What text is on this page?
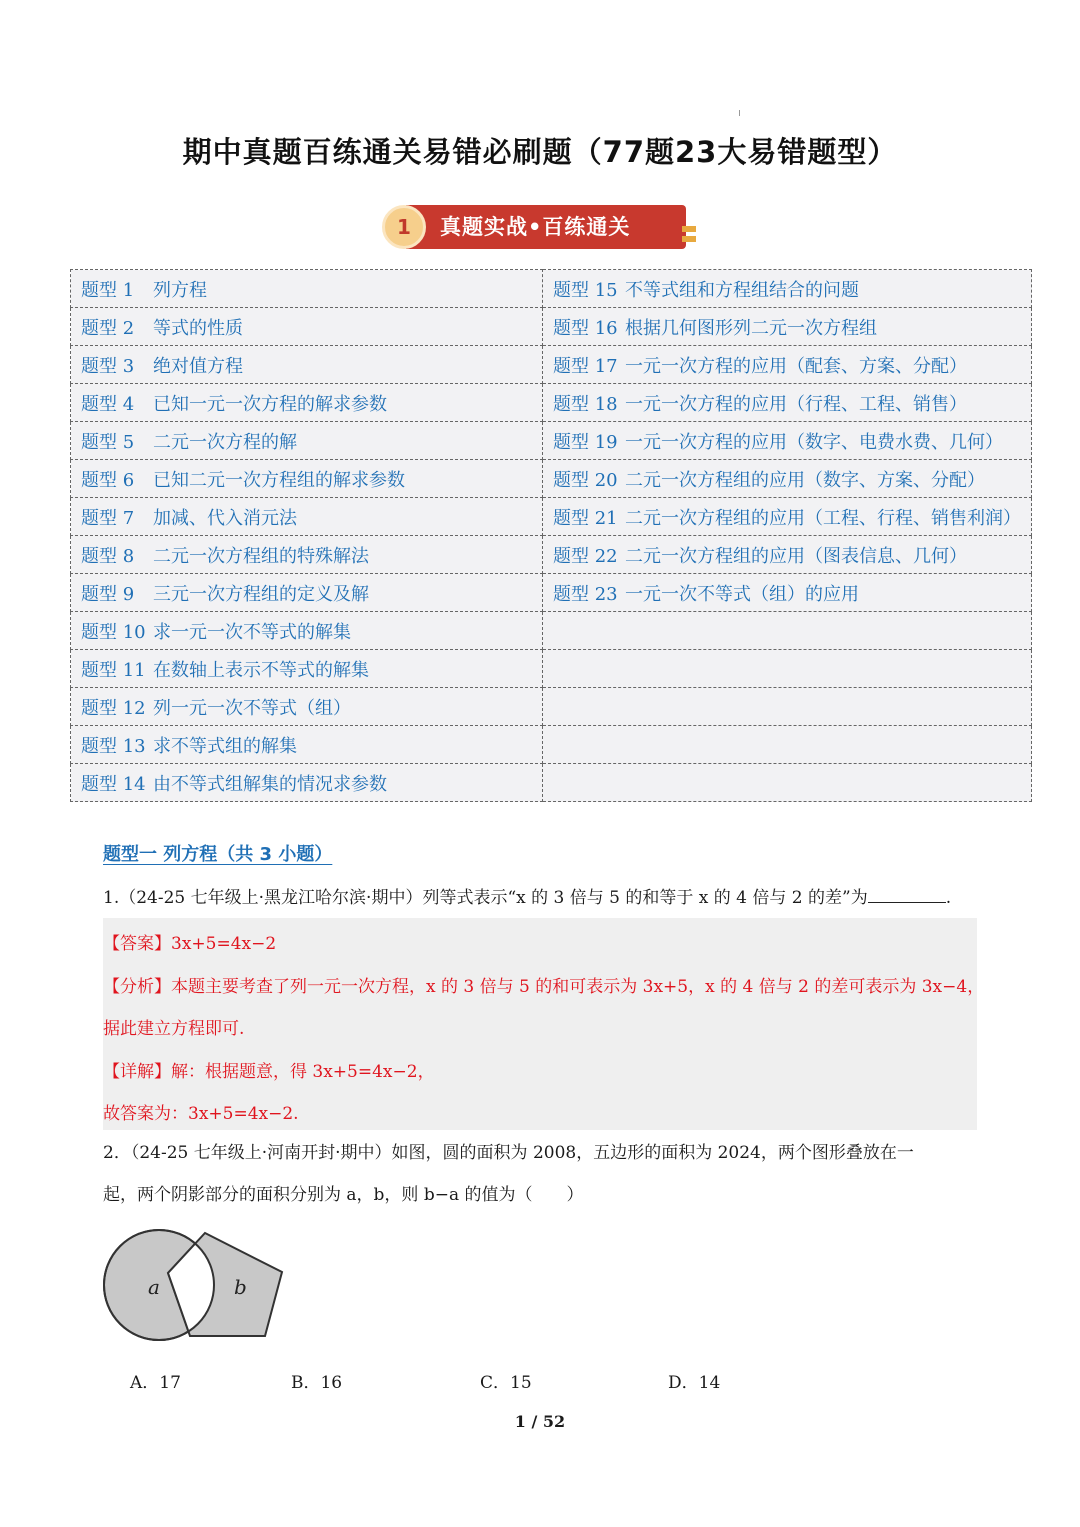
期中真题百练通关易错必刷题（77题23大易错题型）
1	真题实战•百练通关
题型 1 列方程	题型 15 不等式组和方程组结合的问题
题型 2 等式的性质	题型 16 根据几何图形列二元一次方程组
题型 3 绝对值方程	题型 17 一元一次方程的应用（配套、方案、分配）
题型 4 已知一元一次方程的解求参数	题型 18 一元一次方程的应用（行程、工程、销售）
题型 5 二元一次方程的解	题型 19 一元一次方程的应用（数字、电费水费、几何）
题型 6 已知二元一次方程组的解求参数	题型 20 二元一次方程组的应用（数字、方案、分配）
题型 7 加减、代入消元法	题型 21 二元一次方程组的应用（工程、行程、销售利润）
题型 8 二元一次方程组的特殊解法	题型 22 二元一次方程组的应用（图表信息、几何）
题型 9 三元一次方程组的定义及解	题型 23 一元一次不等式（组）的应用
题型 10 求一元一次不等式的解集	
题型 11 在数轴上表示不等式的解集	
题型 12 列一元一次不等式（组）	
题型 13 求不等式组的解集	
题型 14 由不等式组解集的情况求参数	
题型一 列方程（共 3 小题）
1.（24-25 七年级上·黑龙江哈尔滨·期中）列等式表示“x 的 3 倍与 5 的和等于 x 的 4 倍与 2 的差”为	.
【答案】3x+5=4x−2
【分析】本题主要考查了列一元一次方程，x 的 3 倍与 5 的和可表示为 3x+5，x 的 4 倍与 2 的差可表示为 3x−4，
据此建立方程即可.
【详解】解：根据题意，得 3x+5=4x−2，
故答案为：3x+5=4x−2.
2．（24-25 七年级上·河南开封·期中）如图，圆的面积为 2008，五边形的面积为 2024，两个图形叠放在一
起，两个阴影部分的面积分别为 a，b，则 b−a 的值为（　　）
a	b
A．17	B．16	C．15	D．14
1 / 52
